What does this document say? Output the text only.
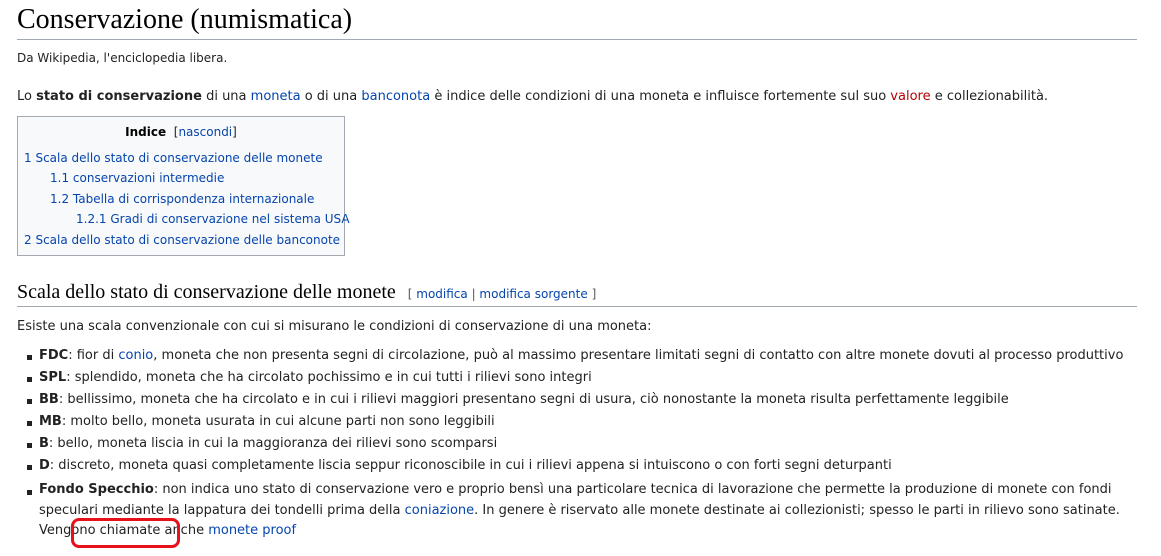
Conservazione (numismatica)
Da Wikipedia, l'enciclopedia libera.
Lo stato di conservazione di una moneta o di una banconota è indice delle condizioni di una moneta e influisce fortemente sul suo valore e collezionabilità.
Indice [nascondi]
1 Scala dello stato di conservazione delle monete
1.1 conservazioni intermedie
1.2 Tabella di corrispondenza internazionale
1.2.1 Gradi di conservazione nel sistema USA
2 Scala dello stato di conservazione delle banconote
Scala dello stato di conservazione delle monete [ modifica | modifica sorgente ]
Esiste una scala convenzionale con cui si misurano le condizioni di conservazione di una moneta:
FDC: fior di conio, moneta che non presenta segni di circolazione, può al massimo presentare limitati segni di contatto con altre monete dovuti al processo produttivo
SPL: splendido, moneta che ha circolato pochissimo e in cui tutti i rilievi sono integri
BB: bellissimo, moneta che ha circolato e in cui i rilievi maggiori presentano segni di usura, ciò nonostante la moneta risulta perfettamente leggibile
MB: molto bello, moneta usurata in cui alcune parti non sono leggibili
B: bello, moneta liscia in cui la maggioranza dei rilievi sono scomparsi
D: discreto, moneta quasi completamente liscia seppur riconoscibile in cui i rilievi appena si intuiscono o con forti segni deturpanti
Fondo Specchio: non indica uno stato di conservazione vero e proprio bensì una particolare tecnica di lavorazione che permette la produzione di monete con fondi speculari mediante la lappatura dei tondelli prima della coniazione. In genere è riservato alle monete destinate ai collezionisti; spesso le parti in rilievo sono satinate. Vengono chiamate anche monete proof
